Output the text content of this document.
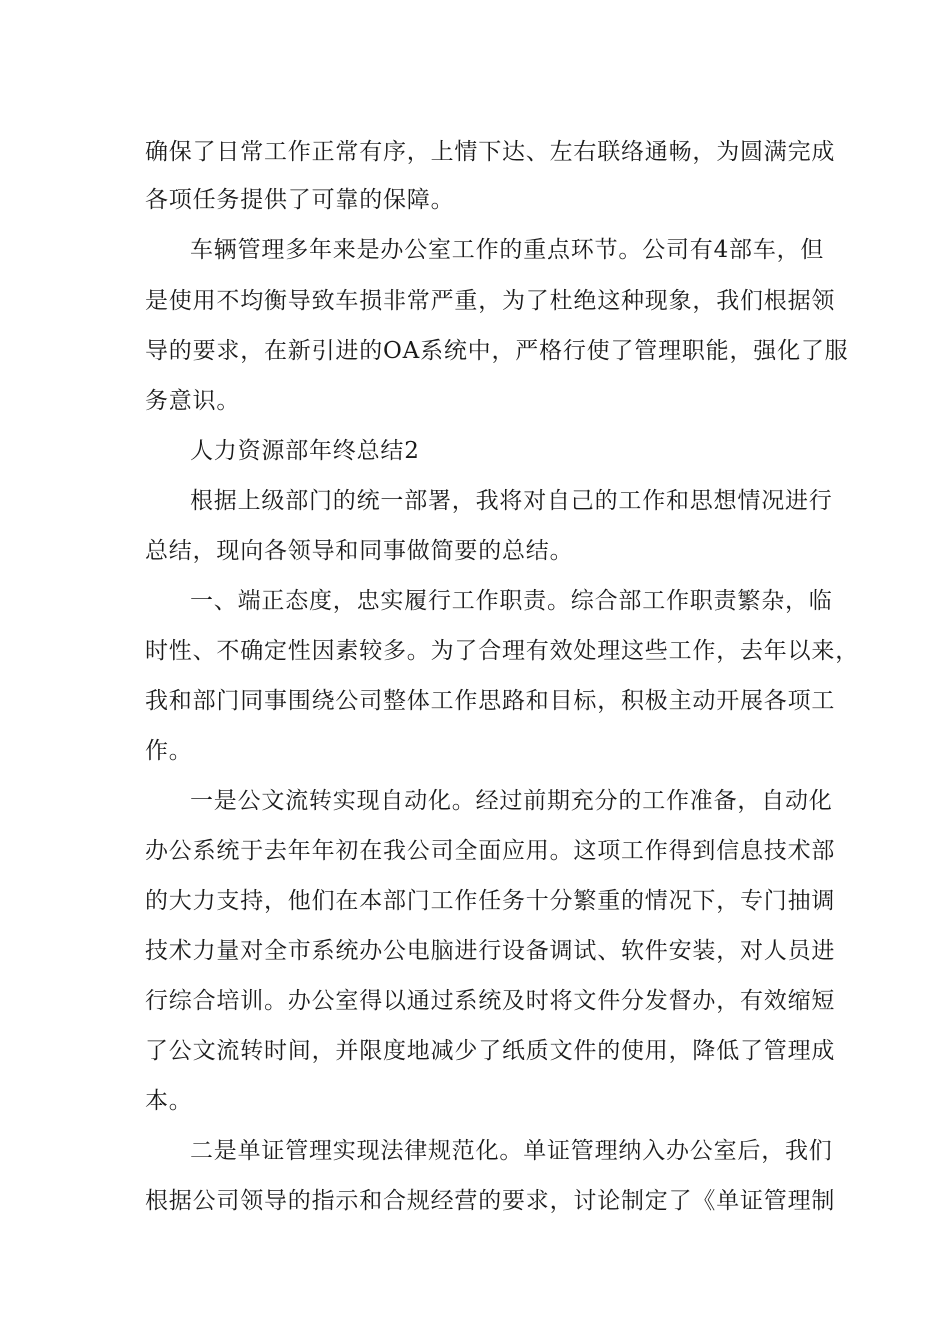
确保了日常工作正常有序，上情下达、左右联络通畅，为圆满完成
各项任务提供了可靠的保障。
车辆管理多年来是办公室工作的重点环节。公司有4部车，但
是使用不均衡导致车损非常严重，为了杜绝这种现象，我们根据领
导的要求，在新引进的OA系统中，严格行使了管理职能，强化了服
务意识。
人力资源部年终总结2
根据上级部门的统一部署，我将对自己的工作和思想情况进行
总结，现向各领导和同事做简要的总结。
一、端正态度，忠实履行工作职责。综合部工作职责繁杂，临
时性、不确定性因素较多。为了合理有效处理这些工作，去年以来，
我和部门同事围绕公司整体工作思路和目标，积极主动开展各项工
作。
一是公文流转实现自动化。经过前期充分的工作准备，自动化
办公系统于去年年初在我公司全面应用。这项工作得到信息技术部
的大力支持，他们在本部门工作任务十分繁重的情况下，专门抽调
技术力量对全市系统办公电脑进行设备调试、软件安装，对人员进
行综合培训。办公室得以通过系统及时将文件分发督办，有效缩短
了公文流转时间，并限度地减少了纸质文件的使用，降低了管理成
本。
二是单证管理实现法律规范化。单证管理纳入办公室后，我们
根据公司领导的指示和合规经营的要求，讨论制定了《单证管理制
